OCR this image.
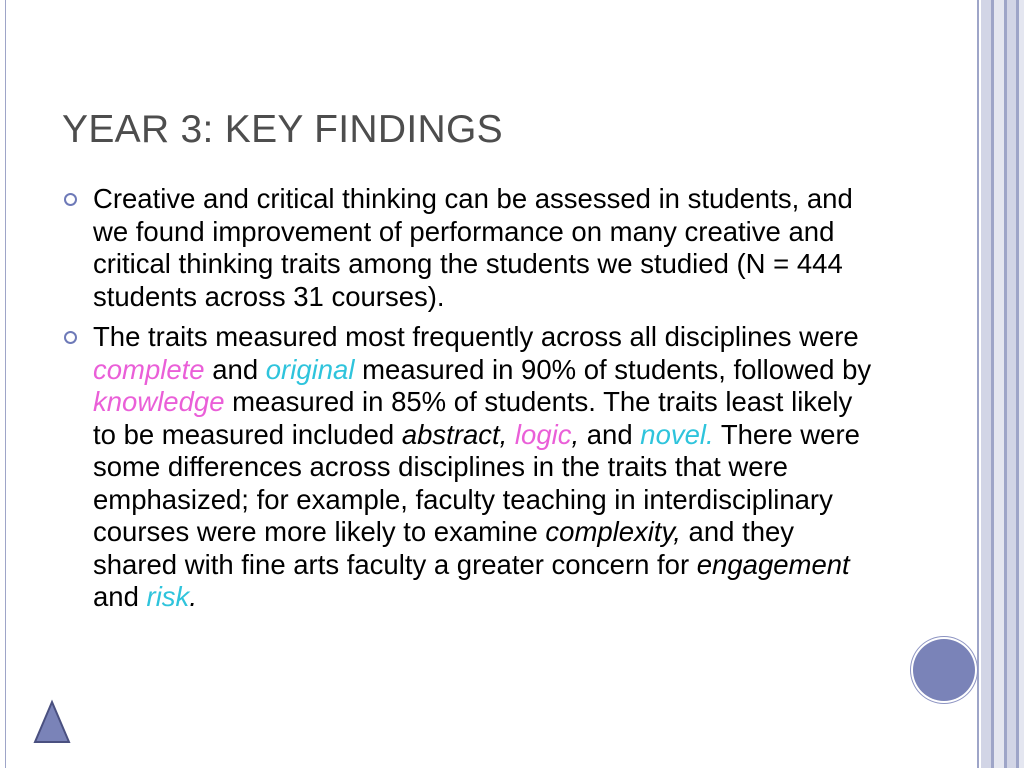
YEAR 3: KEY FINDINGS
Creative and critical thinking can be assessed in students, and we found improvement of performance on many creative and critical thinking traits among the students we studied (N = 444 students across 31 courses).
The traits measured most frequently across all disciplines were complete and original measured in 90% of students, followed by knowledge measured in 85% of students. The traits least likely to be measured included abstract, logic, and novel. There were some differences across disciplines in the traits that were emphasized; for example, faculty teaching in interdisciplinary courses were more likely to examine complexity, and they shared with fine arts faculty a greater concern for engagement and risk.
